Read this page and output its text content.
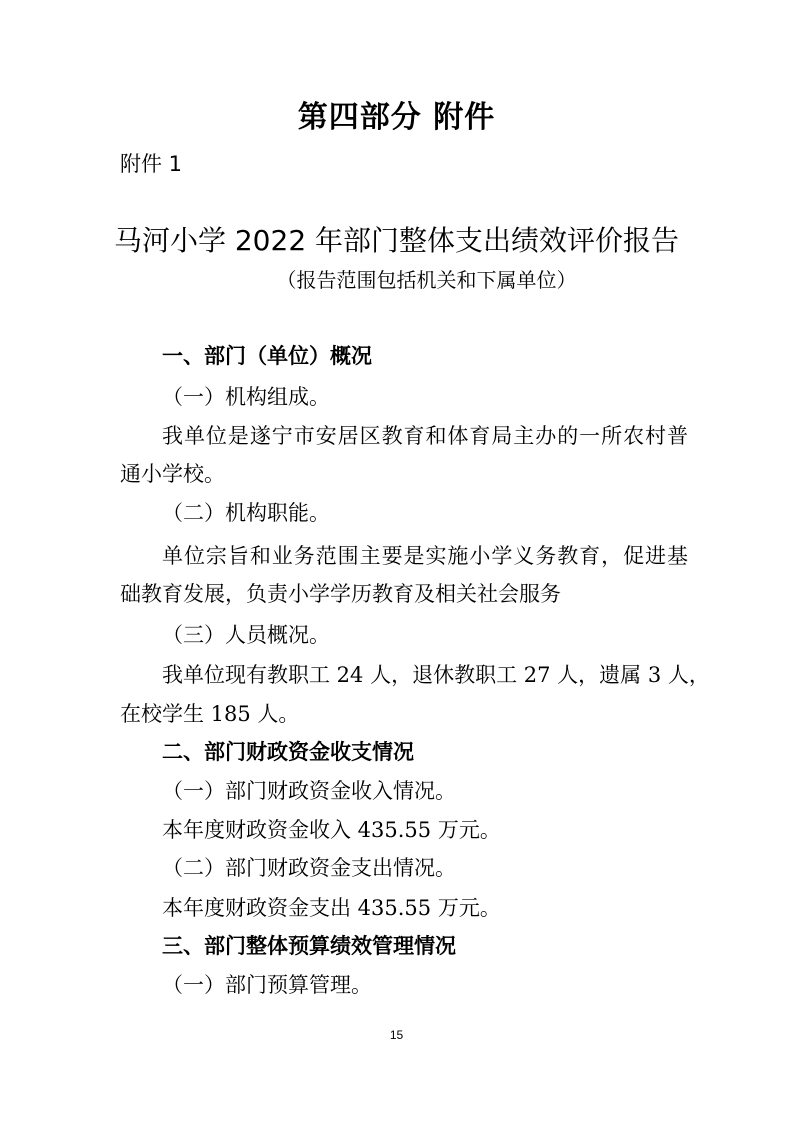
第四部分 附件
附件 1
马河小学 2022 年部门整体支出绩效评价报告
（报告范围包括机关和下属单位）
一、部门（单位）概况
（一）机构组成。
我单位是遂宁市安居区教育和体育局主办的一所农村普
通小学校。
（二）机构职能。
单位宗旨和业务范围主要是实施小学义务教育，促进基
础教育发展，负责小学学历教育及相关社会服务
（三）人员概况。
我单位现有教职工 24 人，退休教职工 27 人，遗属 3 人，
在校学生 185 人。
二、部门财政资金收支情况
（一）部门财政资金收入情况。
本年度财政资金收入 435.55 万元。
（二）部门财政资金支出情况。
本年度财政资金支出 435.55 万元。
三、部门整体预算绩效管理情况
（一）部门预算管理。
15
